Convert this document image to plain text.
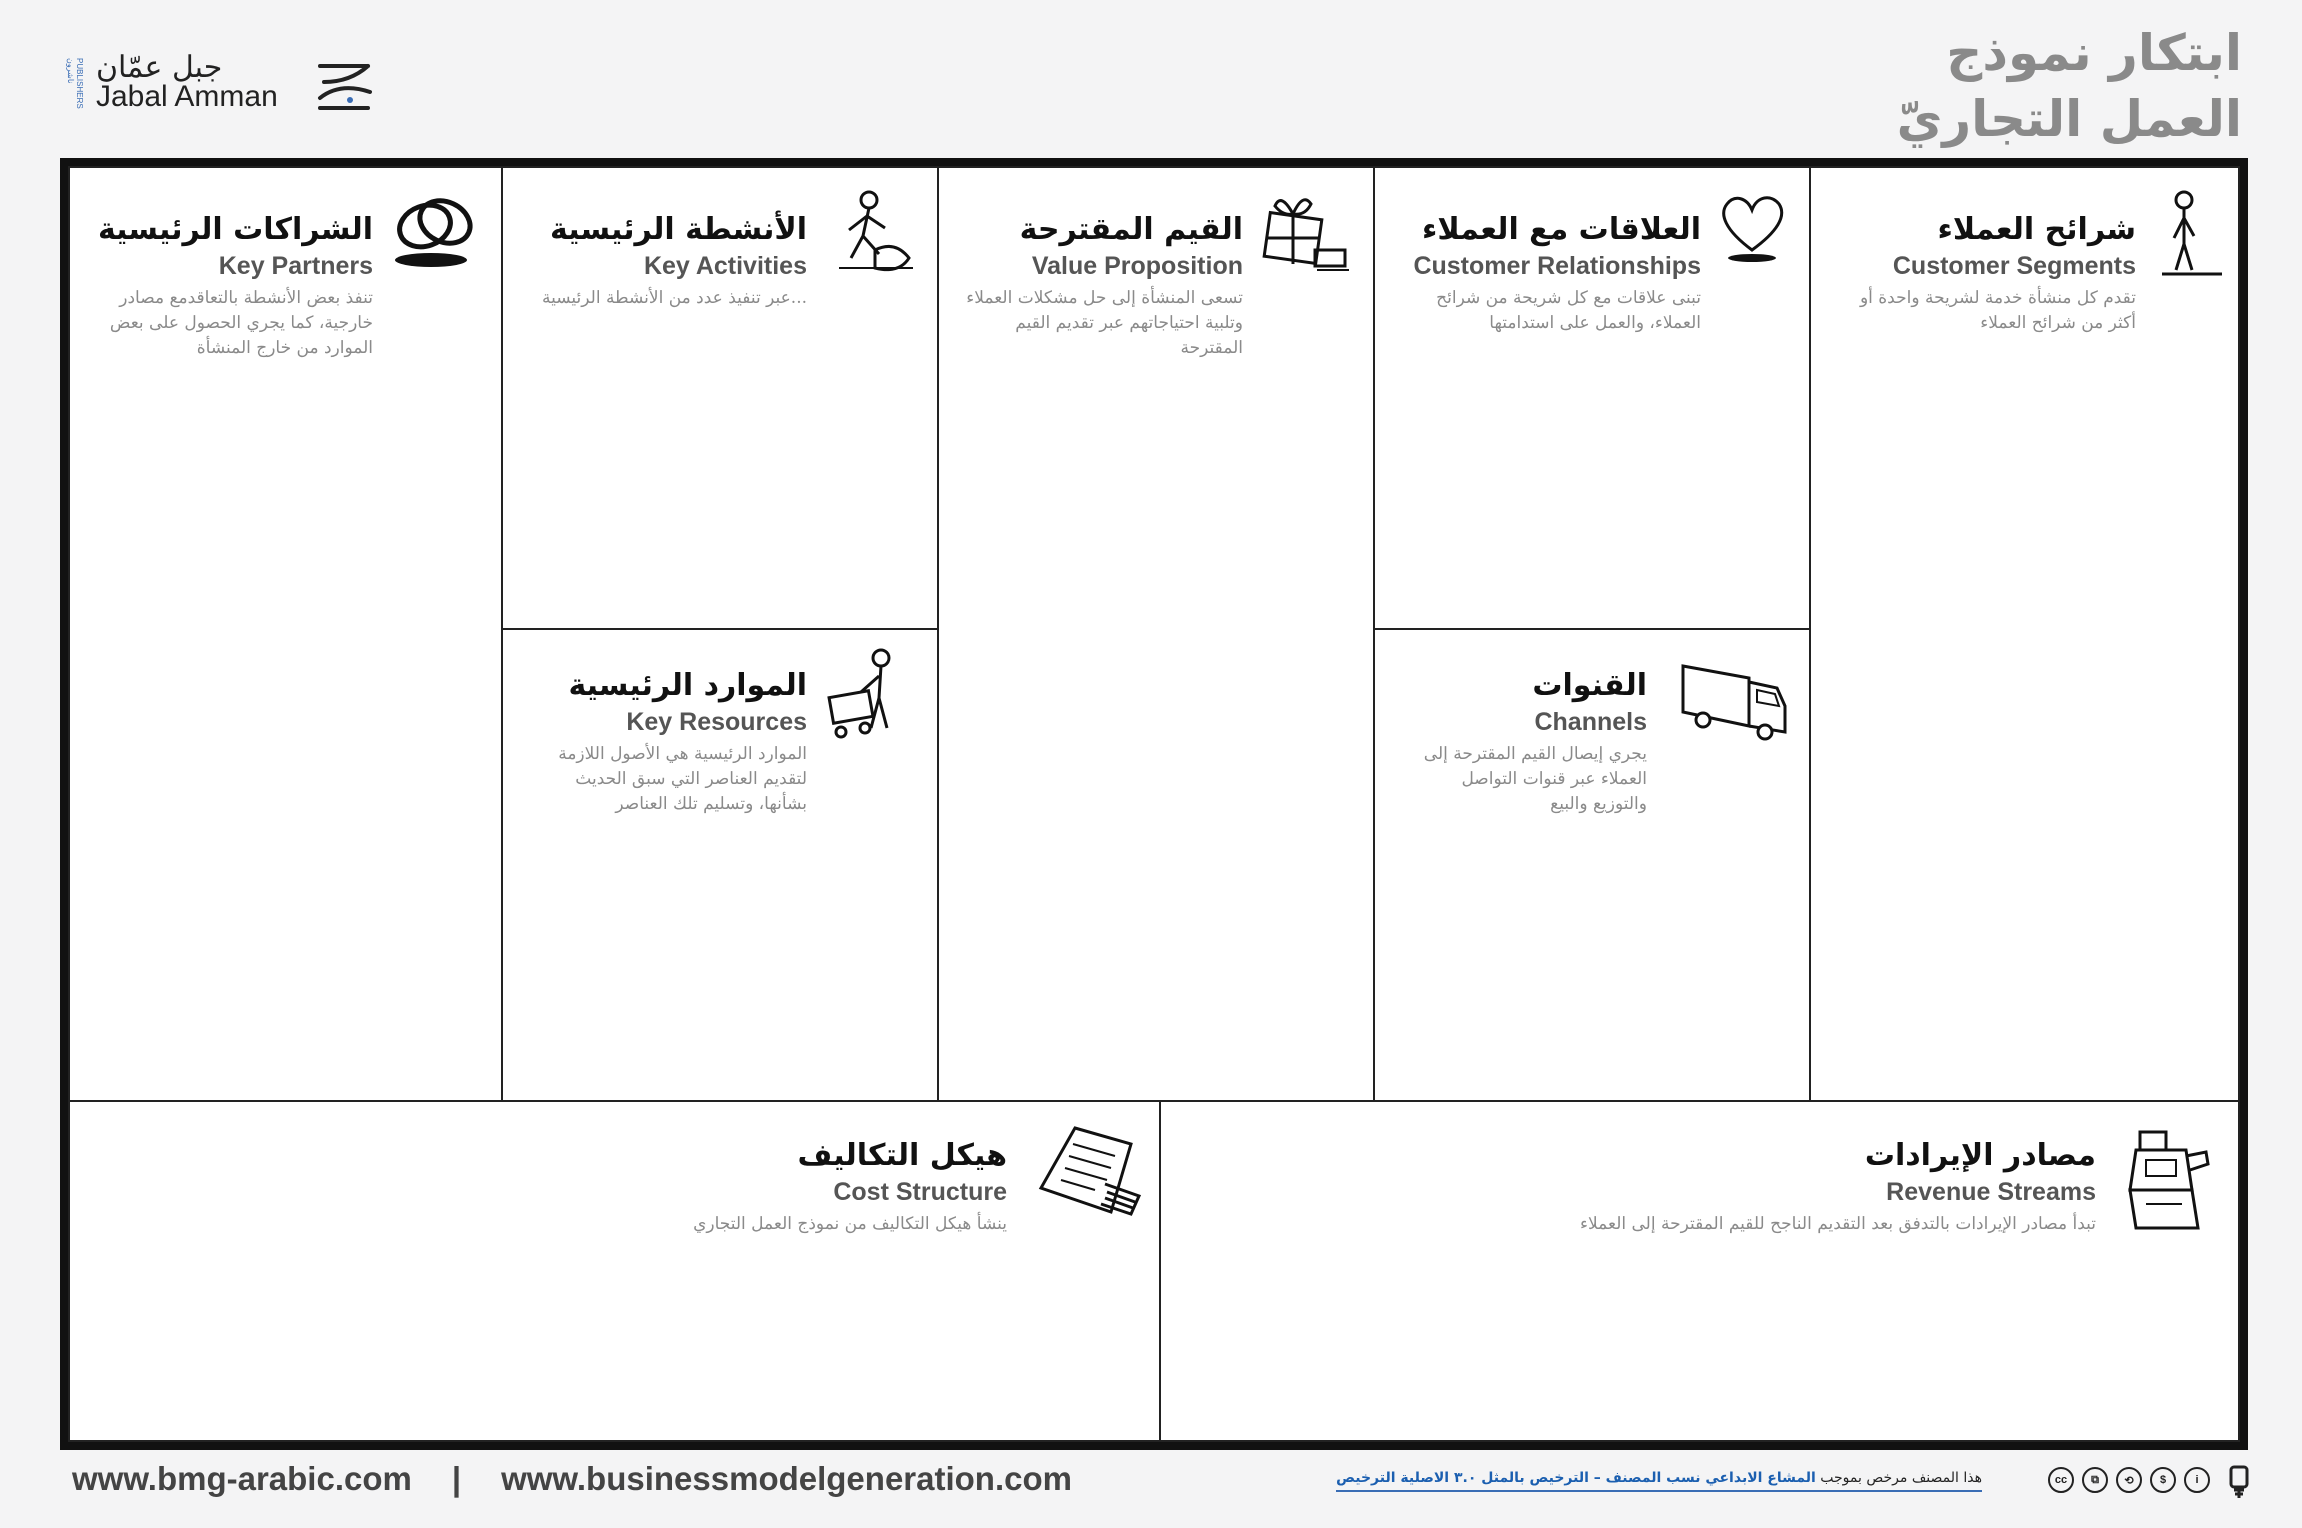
PUBLISHERS ناشرون جبل عمّان
Jabal Amman
ابتكار نموذج
العمل التجاريّ
الشراكات الرئيسية
Key Partners
تنفذ بعض الأنشطة بالتعاقدمع مصادر خارجية، كما يجري الحصول على بعض الموارد من خارج المنشأة
الأنشطة الرئيسية
Key Activities
...عبر تنفيذ عدد من الأنشطة الرئيسية
الموارد الرئيسية
Key Resources
الموارد الرئيسية هي الأصول اللازمة لتقديم العناصر التي سبق الحديث بشأنها، وتسليم تلك العناصر
القيم المقترحة
Value Proposition
تسعى المنشأة إلى حل مشكلات العملاء وتلبية احتياجاتهم عبر تقديم القيم المقترحة
العلاقات مع العملاء
Customer Relationships
تبنى علاقات مع كل شريحة من شرائح العملاء، والعمل على استدامتها
القنوات
Channels
يجري إيصال القيم المقترحة إلى العملاء عبر قنوات التواصل والتوزيع والبيع
شرائح العملاء
Customer Segments
تقدم كل منشأة خدمة لشريحة واحدة أو أكثر من شرائح العملاء
هيكل التكاليف
Cost Structure
ينشأ هيكل التكاليف من نموذج العمل التجاري
مصادر الإيرادات
Revenue Streams
تبدأ مصادر الإيرادات بالتدفق بعد التقديم الناجح للقيم المقترحة إلى العملاء
www.bmg-arabic.com | www.businessmodelgeneration.com	هذا المصنف مرخص بموجب المشاع الابداعي نسب المصنف – الترخيص بالمثل ٣.٠ الاصلية الترخيص	cc	⧉	⟲	$	i
